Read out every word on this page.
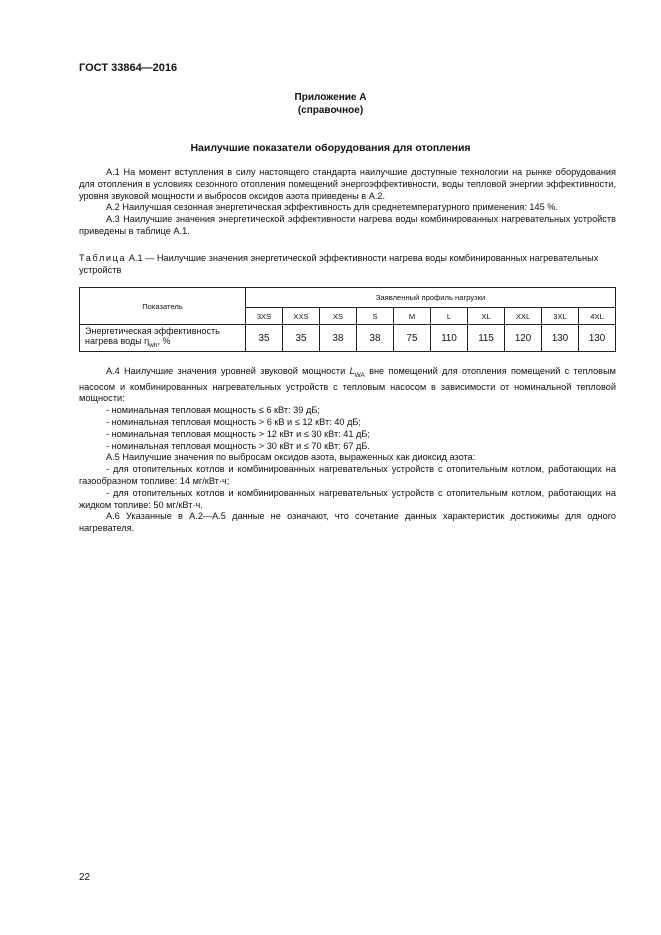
ГОСТ 33864—2016
Приложение А
(справочное)
Наилучшие показатели оборудования для отопления

А.1 На момент вступления в силу настоящего стандарта наилучшие доступные технологии на рынке оборудования для отопления в условиях сезонного отопления помещений энергоэффективности, воды тепловой энергии эффективности, уровня звуковой мощности и выбросов оксидов азота приведены в А.2.

А.2 Наилучшая сезонная энергетическая эффективность для среднетемпературного применения: 145 %.

А.3 Наилучшие значения энергетической эффективности нагрева воды комбинированных нагревательных устройств приведены в таблице А.1.

Таблица А.1 — Наилучшие значения энергетической эффективности нагрева воды комбинированных нагревательных устройств

Показатель	Заявленный профиль нагрузки									
	3XS	XXS	XS	S	M	L	XL	XXL	3XL	4XL
Энергетическая эффективность нагрева воды $\eta_{wh}$, %	35	35	38	38	75	110	115	120	130	130

А.4 Наилучшие значения уровней звуковой мощности $L_{WA}$ вне помещений для отопления помещений с тепловым насосом и комбинированных нагревательных устройств с тепловым насосом в зависимости от номинальной тепловой мощности:

- номинальная тепловая мощность ≤ 6 кВт: 39 дБ;

- номинальная тепловая мощность > 6 кВ и ≤ 12 кВт: 40 дБ;

- номинальная тепловая мощность > 12 кВт и ≤ 30 кВт: 41 дБ;

- номинальная тепловая мощность > 30 кВт и ≤ 70 кВт: 67 дБ.

А.5 Наилучшие значения по выбросам оксидов азота, выраженных как диоксид азота:

- для отопительных котлов и комбинированных нагревательных устройств с отопительным котлом, работающих на газообразном топливе: 14 мг/кВт·ч;

- для отопительных котлов и комбинированных нагревательных устройств с отопительным котлом, работающих на жидком топливе: 50 мг/кВт·ч.

А.6 Указанные в А.2—А.5 данные не означают, что сочетание данных характеристик достижимы для одного нагревателя.

22
